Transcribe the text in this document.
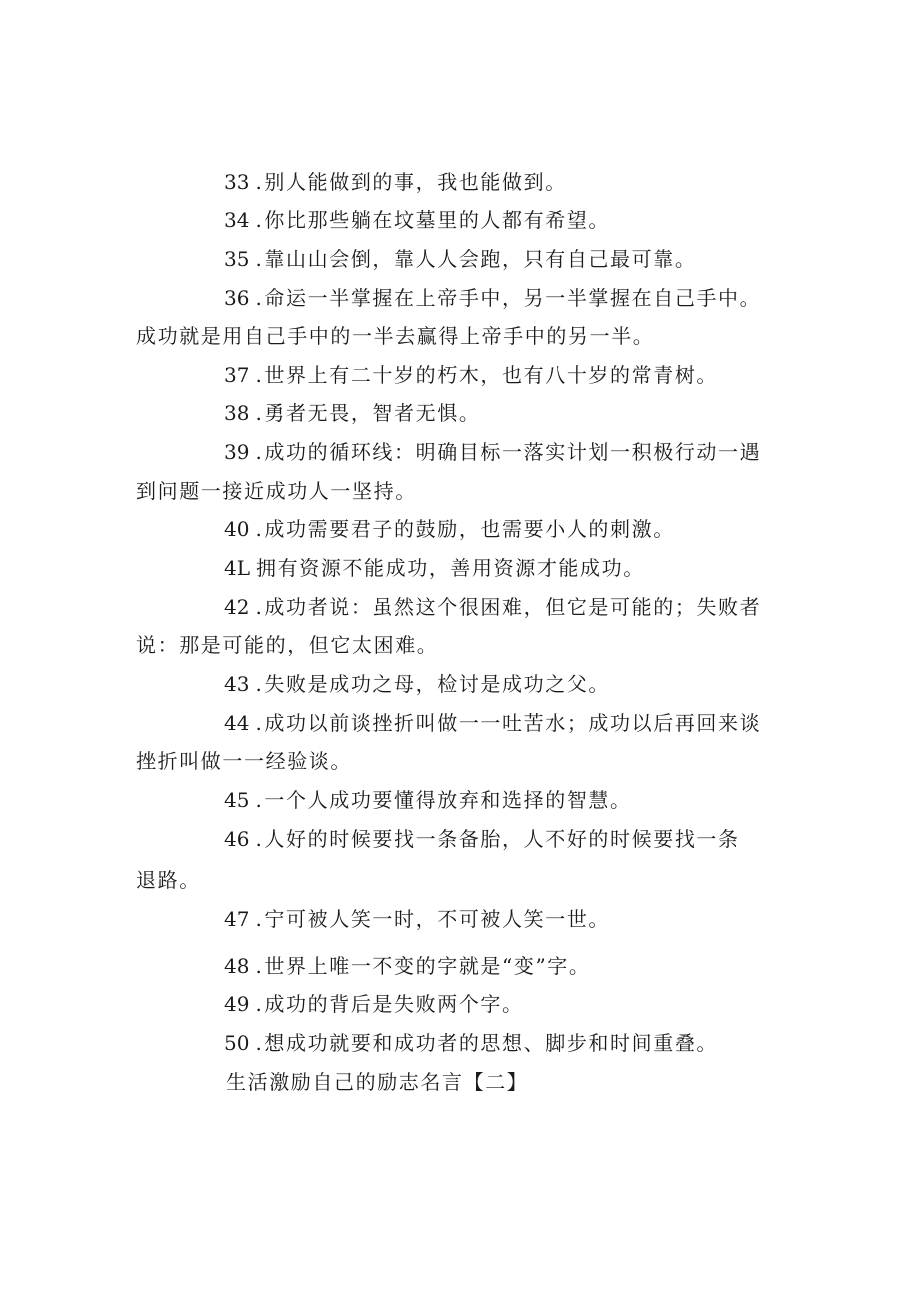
33 .别人能做到的事，我也能做到。
34 .你比那些躺在坟墓里的人都有希望。
35 .靠山山会倒，靠人人会跑，只有自己最可靠。
36 .命运一半掌握在上帝手中，另一半掌握在自己手中。
成功就是用自己手中的一半去赢得上帝手中的另一半。
37 .世界上有二十岁的朽木，也有八十岁的常青树。
38 .勇者无畏，智者无惧。
39 .成功的循环线：明确目标一落实计划一积极行动一遇
到问题一接近成功人一坚持。
40 .成功需要君子的鼓励，也需要小人的刺激。
4L 拥有资源不能成功，善用资源才能成功。
42 .成功者说：虽然这个很困难，但它是可能的；失败者
说：那是可能的，但它太困难。
43 .失败是成功之母，检讨是成功之父。
44 .成功以前谈挫折叫做一一吐苦水；成功以后再回来谈
挫折叫做一一经验谈。
45 .一个人成功要懂得放弃和选择的智慧。
46 .人好的时候要找一条备胎，人不好的时候要找一条
退路。
47 .宁可被人笑一时，不可被人笑一世。
48 .世界上唯一不变的字就是“变”字。
49 .成功的背后是失败两个字。
50 .想成功就要和成功者的思想、脚步和时间重叠。
生活激励自己的励志名言【二】
